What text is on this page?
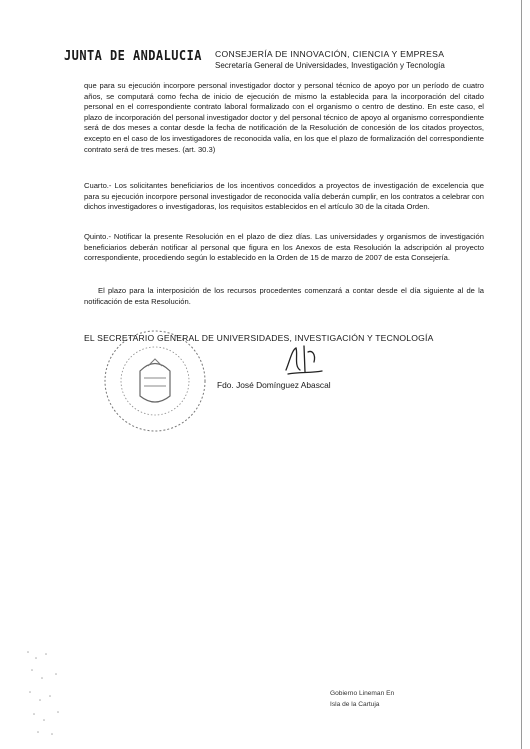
JUNTA DE ANDALUCIA CONSEJERÍA DE INNOVACIÓN, CIENCIA Y EMPRESA
Secretaría General de Universidades, Investigación y Tecnología

que para su ejecución incorpore personal investigador doctor y personal técnico de apoyo por un período de cuatro años, se computará como fecha de inicio de ejecución de mismo la establecida para la incorporación del citado personal en el correspondiente contrato laboral formalizado con el organismo o centro de destino. En este caso, el plazo de incorporación del personal investigador doctor y del personal técnico de apoyo al organismo correspondiente será de dos meses a contar desde la fecha de notificación de la Resolución de concesión de los citados proyectos, excepto en el caso de los investigadores de reconocida valía, en los que el plazo de formalización del correspondiente contrato será de tres meses. (art. 30.3)

Cuarto.- Los solicitantes beneficiarios de los incentivos concedidos a proyectos de investigación de excelencia que para su ejecución incorpore personal investigador de reconocida valía deberán cumplir, en los contratos a celebrar con dichos investigadores o investigadoras, los requisitos establecidos en el artículo 30 de la citada Orden.

Quinto.- Notificar la presente Resolución en el plazo de diez días. Las universidades y organismos de investigación beneficiarios deberán notificar al personal que figura en los Anexos de esta Resolución la adscripción al proyecto correspondiente, procediendo según lo establecido en la Orden de 15 de marzo de 2007 de esta Consejería.

El plazo para la interposición de los recursos procedentes comenzará a contar desde el día siguiente al de la notificación de esta Resolución.

EL SECRETARIO GENERAL DE UNIVERSIDADES, INVESTIGACIÓN Y TECNOLOGÍA
Fdo. José Domínguez Abascal
Gobierno Lineman En
Isla de la Cartuja
